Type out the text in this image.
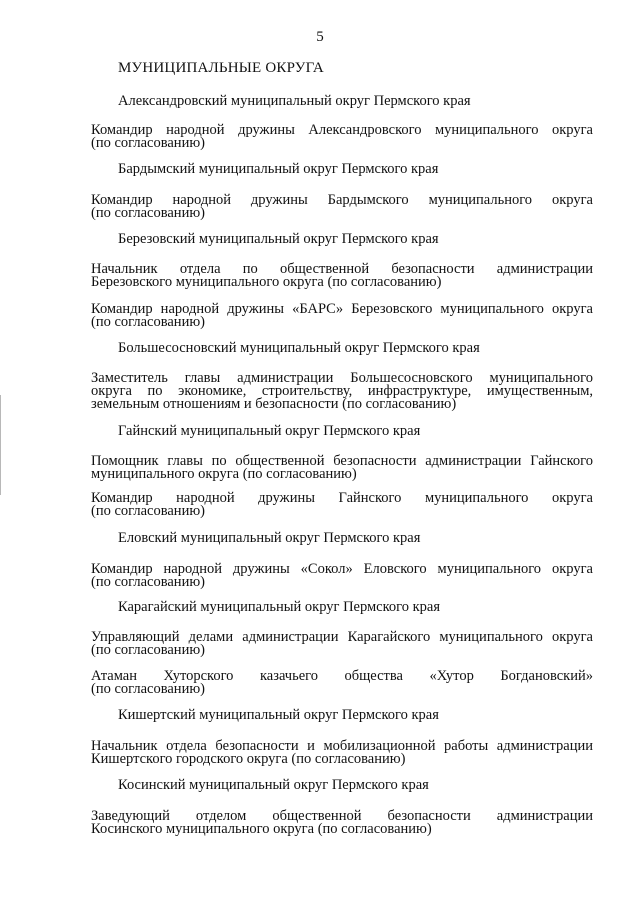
5
МУНИЦИПАЛЬНЫЕ ОКРУГА
Александровский муниципальный округ Пермского края
Командир народной дружины Александровского муниципального округа
(по согласованию)
Бардымский муниципальный округ Пермского края
Командир народной дружины Бардымского муниципального округа
(по согласованию)
Березовский муниципальный округ Пермского края
Начальник отдела по общественной безопасности администрации
Березовского муниципального округа (по согласованию)
Командир народной дружины «БАРС» Березовского муниципального округа
(по согласованию)
Большесосновский муниципальный округ Пермского края
Заместитель главы администрации Большесосновского муниципального
округа по экономике, строительству, инфраструктуре, имущественным,
земельным отношениям и безопасности (по согласованию)
Гайнский муниципальный округ Пермского края
Помощник главы по общественной безопасности администрации Гайнского
муниципального округа (по согласованию)
Командир народной дружины Гайнского муниципального округа
(по согласованию)
Еловский муниципальный округ Пермского края
Командир народной дружины «Сокол» Еловского муниципального округа
(по согласованию)
Карагайский муниципальный округ Пермского края
Управляющий делами администрации Карагайского муниципального округа
(по согласованию)
Атаман Хуторского казачьего общества «Хутор Богдановский»
(по согласованию)
Кишертский муниципальный округ Пермского края
Начальник отдела безопасности и мобилизационной работы администрации
Кишертского городского округа (по согласованию)
Косинский муниципальный округ Пермского края
Заведующий отделом общественной безопасности администрации
Косинского муниципального округа (по согласованию)
